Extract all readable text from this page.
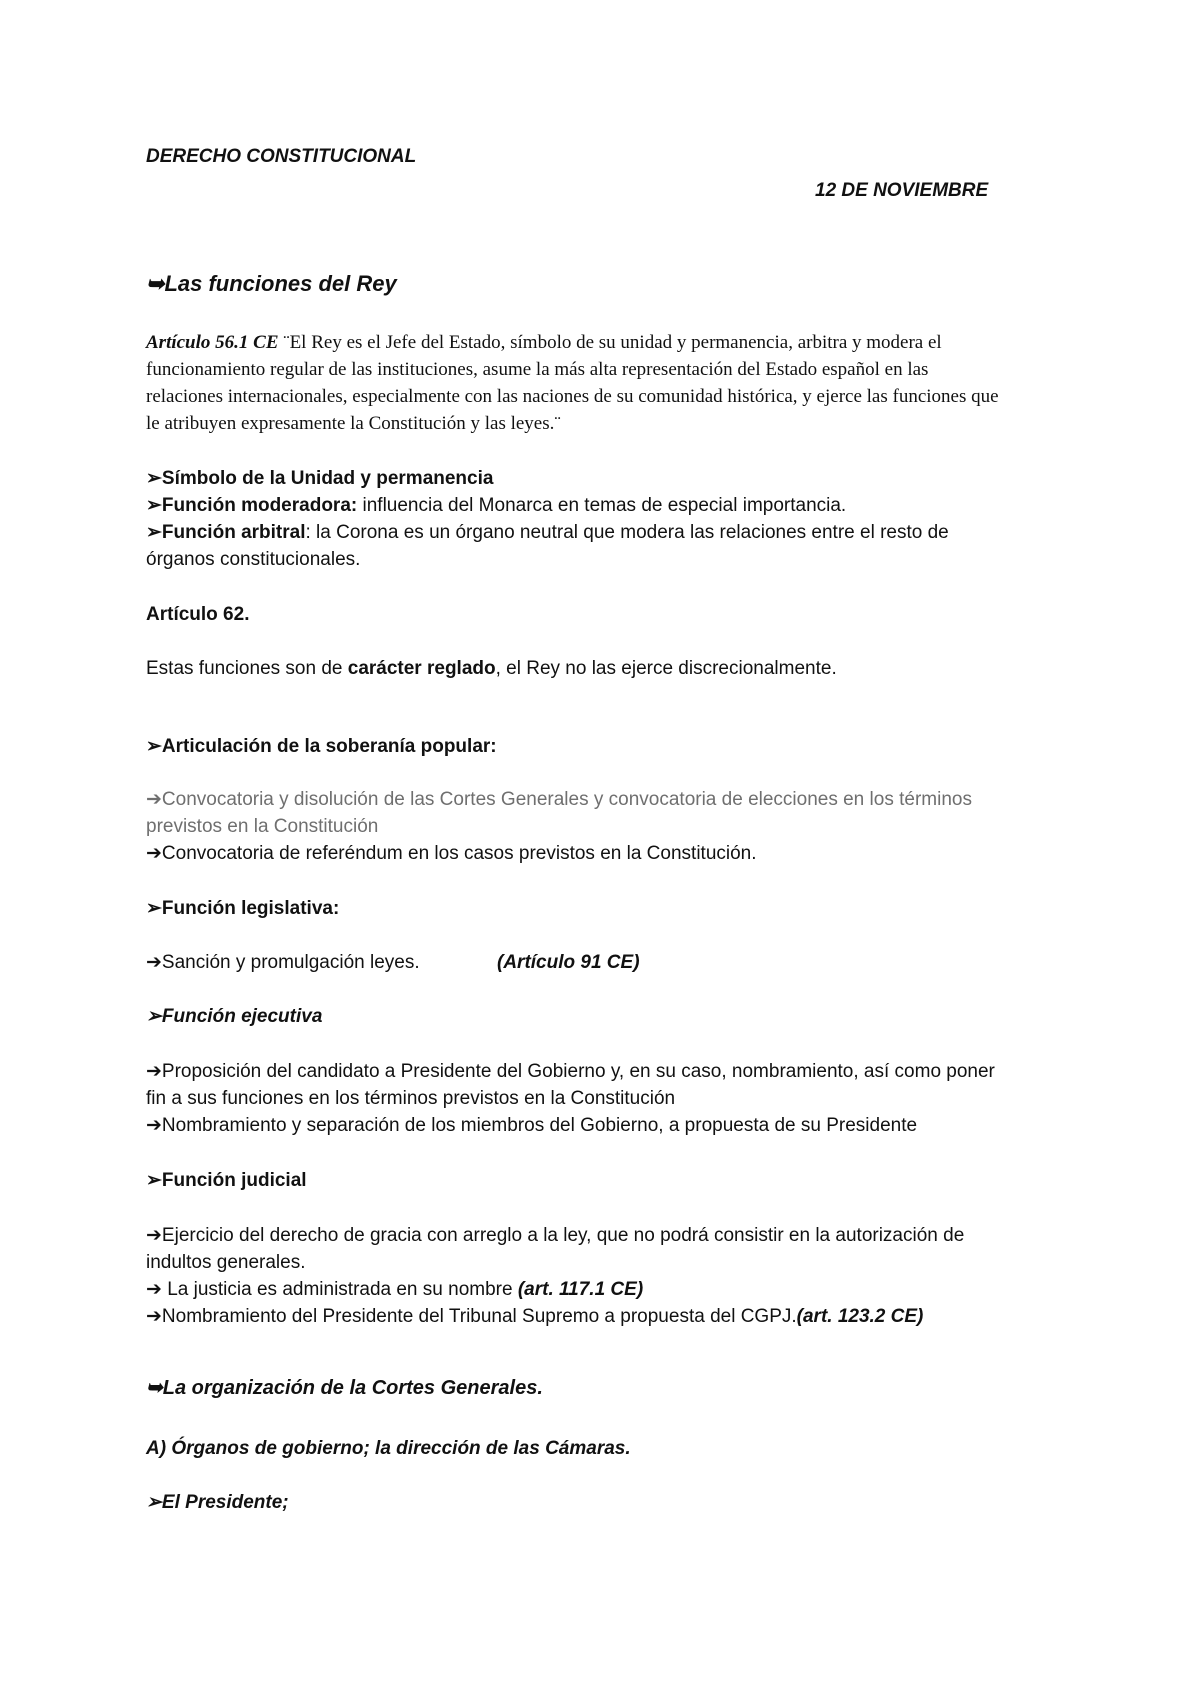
DERECHO CONSTITUCIONAL
12 DE NOVIEMBRE
➥Las funciones del Rey
Artículo 56.1 CE ¨El Rey es el Jefe del Estado, símbolo de su unidad y permanencia, arbitra y modera el
funcionamiento regular de las instituciones, asume la más alta representación del Estado español en las
relaciones internacionales, especialmente con las naciones de su comunidad histórica, y ejerce las funciones que
le atribuyen expresamente la Constitución y las leyes.¨
➢Símbolo de la Unidad y permanencia
➢Función moderadora: influencia del Monarca en temas de especial importancia.
➢Función arbitral: la Corona es un órgano neutral que modera las relaciones entre el resto de
órganos constitucionales.
Artículo 62.
Estas funciones son de carácter reglado, el Rey no las ejerce discrecionalmente.
➢Articulación de la soberanía popular:
➔Convocatoria y disolución de las Cortes Generales y convocatoria de elecciones en los términos
previstos en la Constitución
➔Convocatoria de referéndum en los casos previstos en la Constitución.
➢Función legislativa:
➔Sanción y promulgación leyes.	(Artículo 91 CE)
➢Función ejecutiva
➔Proposición del candidato a Presidente del Gobierno y, en su caso, nombramiento, así como poner
fin a sus funciones en los términos previstos en la Constitución
➔Nombramiento y separación de los miembros del Gobierno, a propuesta de su Presidente
➢Función judicial
➔Ejercicio del derecho de gracia con arreglo a la ley, que no podrá consistir en la autorización de
indultos generales.
➔ La justicia es administrada en su nombre (art. 117.1 CE)
➔Nombramiento del Presidente del Tribunal Supremo a propuesta del CGPJ.(art. 123.2 CE)
➥La organización de la Cortes Generales.
A) Órganos de gobierno; la dirección de las Cámaras.
➢El Presidente;
